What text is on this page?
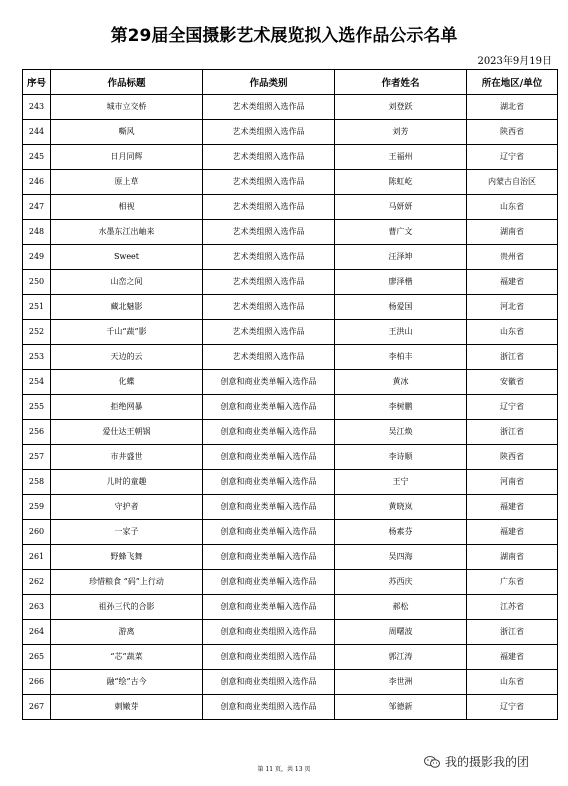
第29届全国摄影艺术展览拟入选作品公示名单
2023年9月19日
序号	作品标题	作品类别	作者姓名	所在地区/单位
243	城市立交桥	艺术类组照入选作品	刘登跃	湖北省
244	嘶风	艺术类组照入选作品	刘芳	陕西省
245	日月同辉	艺术类组照入选作品	王福州	辽宁省
246	原上草	艺术类组照入选作品	陈虹屹	内蒙古自治区
247	相视	艺术类组照入选作品	马妍妍	山东省
248	水墨东江出岫来	艺术类组照入选作品	曹广文	湖南省
249	Sweet	艺术类组照入选作品	汪泽坤	贵州省
250	山峦之间	艺术类组照入选作品	廖泽楷	福建省
251	藏北魅影	艺术类组照入选作品	杨爱国	河北省
252	千山“蔬”影	艺术类组照入选作品	王洪山	山东省
253	天边的云	艺术类组照入选作品	李柏丰	浙江省
254	化蝶	创意和商业类单幅入选作品	黄冰	安徽省
255	拒绝网暴	创意和商业类单幅入选作品	李树鹏	辽宁省
256	爱仕达王朝锅	创意和商业类单幅入选作品	吴江焕	浙江省
257	市井盛世	创意和商业类单幅入选作品	李诗顺	陕西省
258	儿时的童趣	创意和商业类单幅入选作品	王宁	河南省
259	守护者	创意和商业类单幅入选作品	黄晓岚	福建省
260	一家子	创意和商业类单幅入选作品	杨素芬	福建省
261	野蜂飞舞	创意和商业类单幅入选作品	吴四海	湖南省
262	珍惜粮食 “码”上行动	创意和商业类单幅入选作品	苏西庆	广东省
263	祖孙三代的合影	创意和商业类单幅入选作品	郝松	江苏省
264	游离	创意和商业类组照入选作品	周曙波	浙江省
265	“芯”蔬菜	创意和商业类组照入选作品	郭江涛	福建省
266	融“绘”古今	创意和商业类组照入选作品	李世洲	山东省
267	刺嫩芽	创意和商业类组照入选作品	邹德新	辽宁省
第 11 页，共 13 页
我的摄影我的团
